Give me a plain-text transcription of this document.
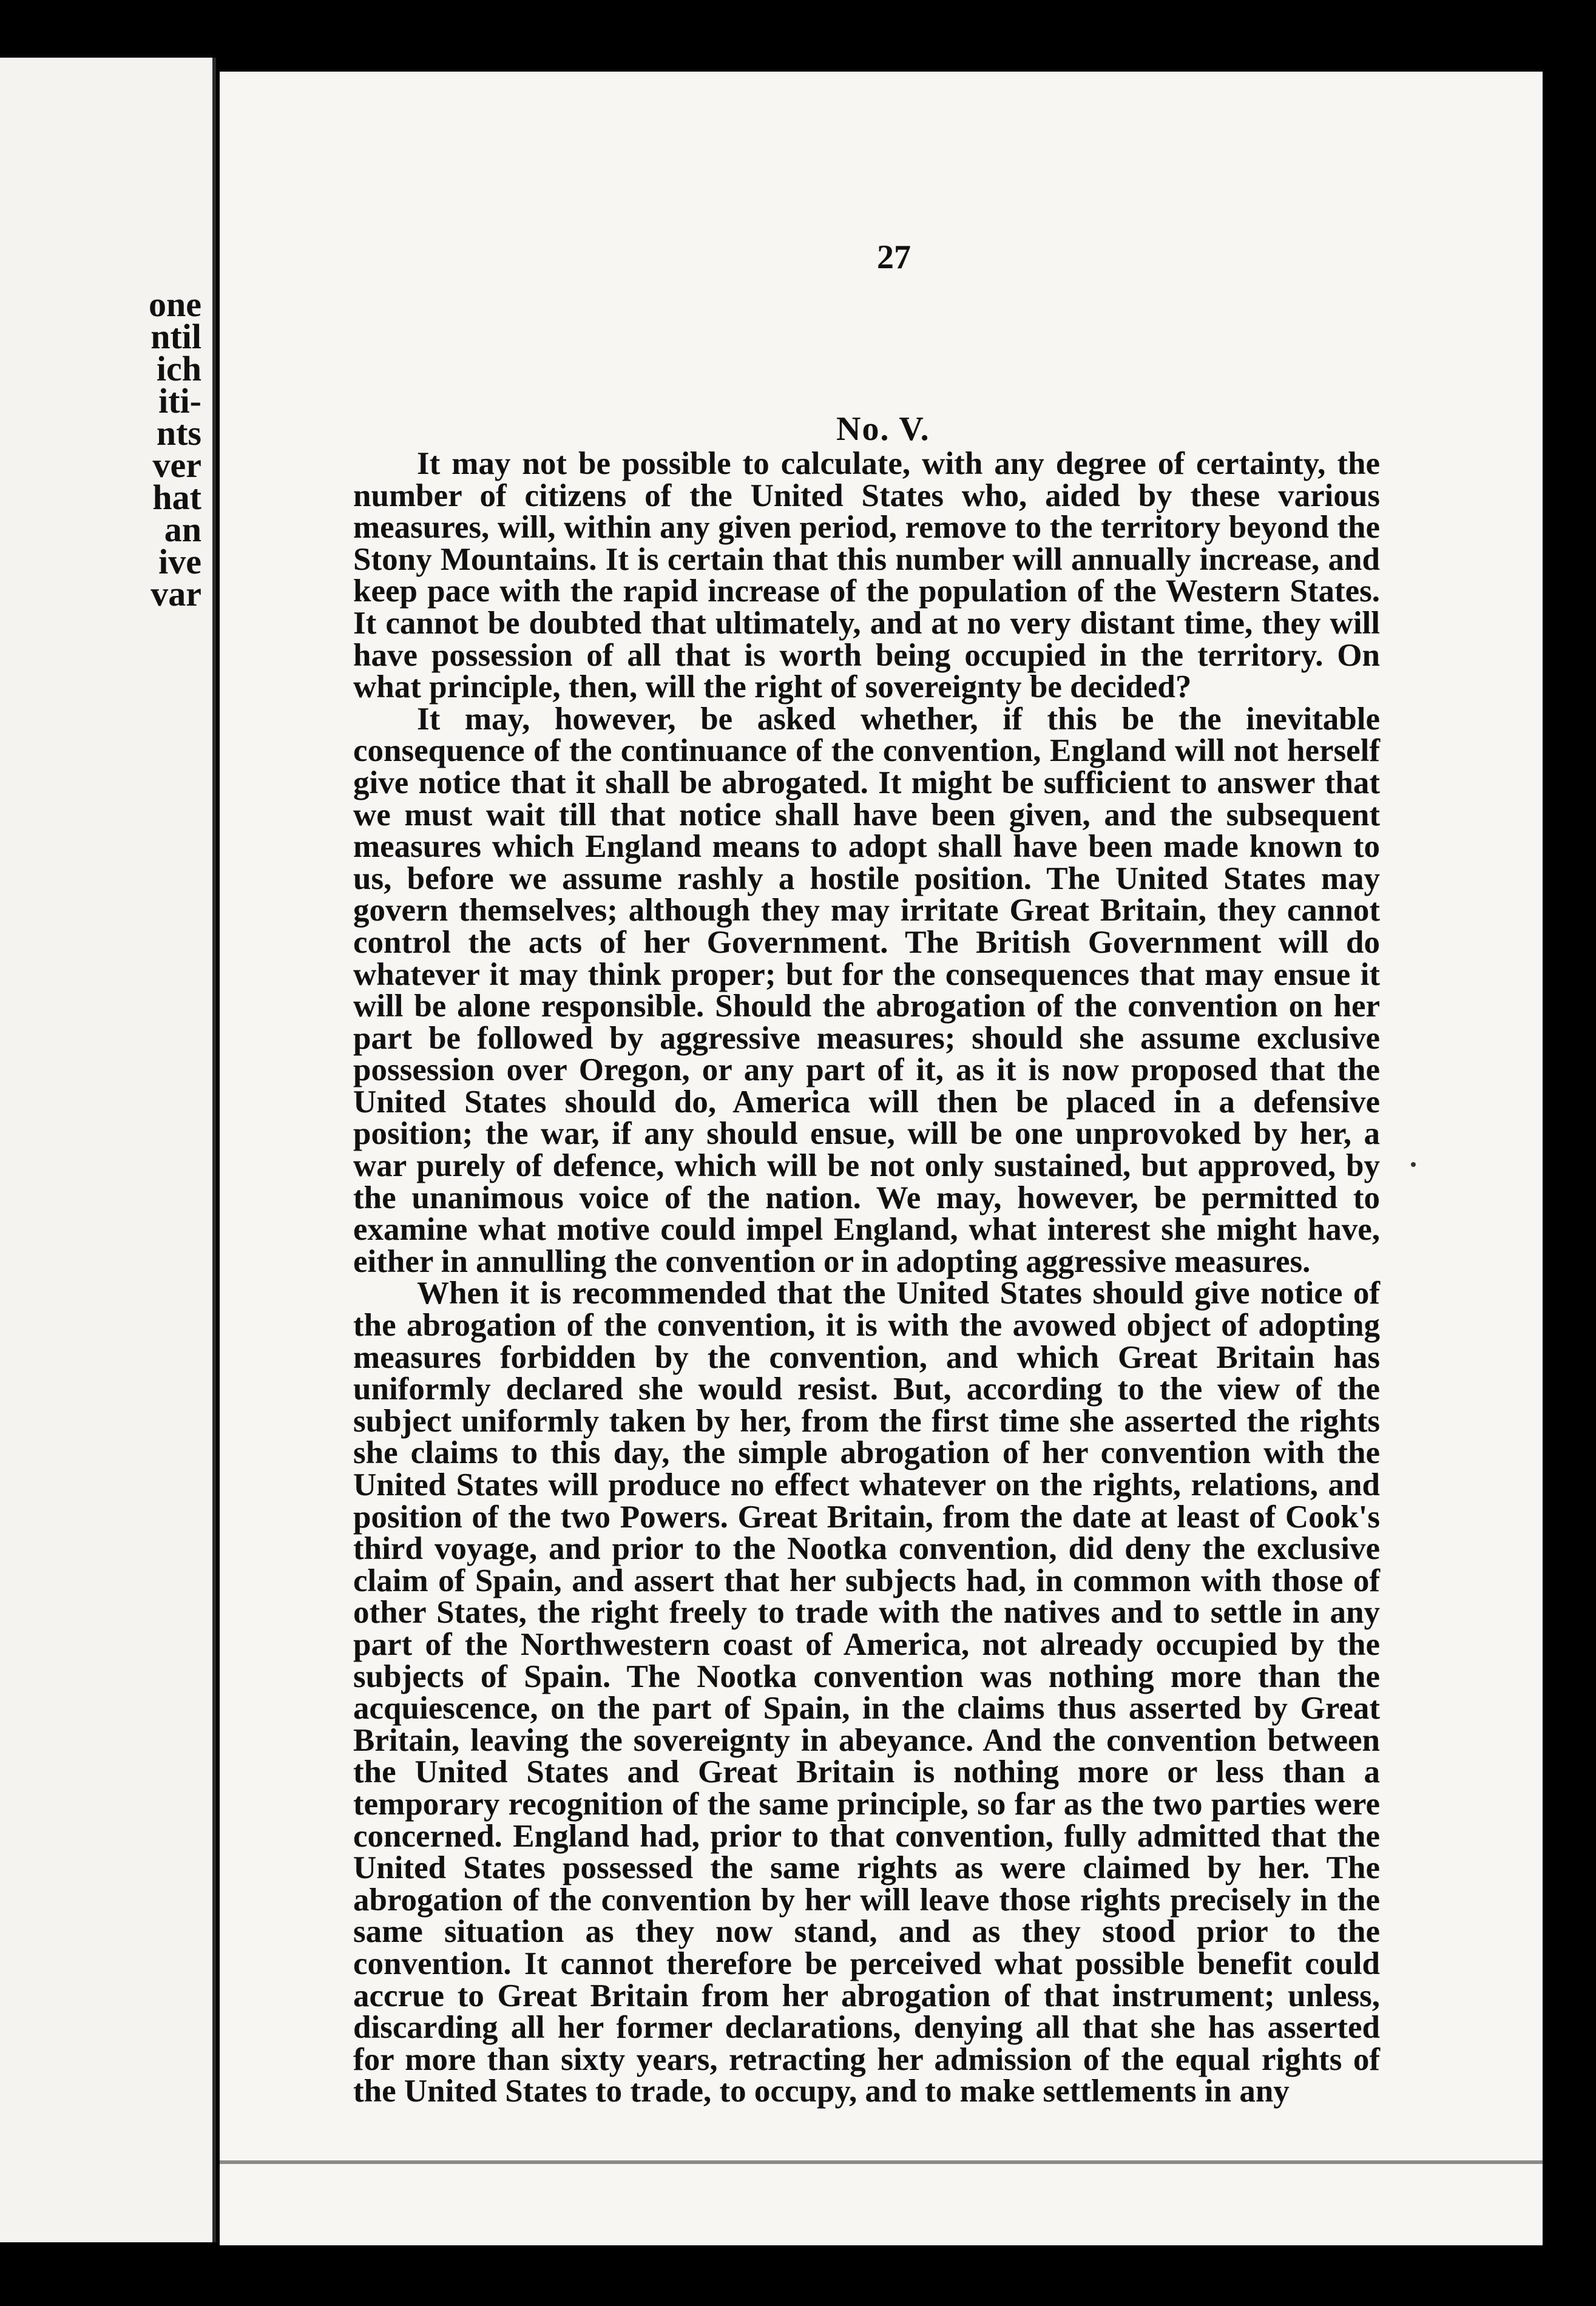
one
ntil
ich
iti-
nts
ver
hat
an
ive
var
27
No. V.

It may not be possible to calculate, with any degree of certainty, the number of citizens of the United States who, aided by these various measures, will, within any given period, remove to the territory beyond the Stony Mountains. It is certain that this number will annually increase, and keep pace with the rapid increase of the population of the Western States. It cannot be doubted that ultimately, and at no very distant time, they will have possession of all that is worth being occupied in the territory. On what principle, then, will the right of sovereignty be decided?

It may, however, be asked whether, if this be the inevitable consequence of the continuance of the convention, England will not herself give notice that it shall be abrogated. It might be sufficient to answer that we must wait till that notice shall have been given, and the subsequent measures which England means to adopt shall have been made known to us, before we assume rashly a hostile position. The United States may govern themselves; although they may irritate Great Britain, they cannot control the acts of her Government. The British Government will do whatever it may think proper; but for the consequences that may ensue it will be alone responsible. Should the abrogation of the convention on her part be followed by aggressive measures; should she assume exclusive possession over Oregon, or any part of it, as it is now proposed that the United States should do, America will then be placed in a defensive position; the war, if any should ensue, will be one unprovoked by her, a war purely of defence, which will be not only sustained, but approved, by the unanimous voice of the nation. We may, however, be permitted to examine what motive could impel England, what interest she might have, either in annulling the convention or in adopting aggressive measures.

When it is recommended that the United States should give notice of the abrogation of the convention, it is with the avowed object of adopting measures forbidden by the convention, and which Great Britain has uniformly declared she would resist. But, according to the view of the subject uniformly taken by her, from the first time she asserted the rights she claims to this day, the simple abrogation of her convention with the United States will produce no effect whatever on the rights, relations, and position of the two Powers. Great Britain, from the date at least of Cook's third voyage, and prior to the Nootka convention, did deny the exclusive claim of Spain, and assert that her subjects had, in common with those of other States, the right freely to trade with the natives and to settle in any part of the Northwestern coast of America, not already occupied by the subjects of Spain. The Nootka convention was nothing more than the acquiescence, on the part of Spain, in the claims thus asserted by Great Britain, leaving the sovereignty in abeyance. And the convention between the United States and Great Britain is nothing more or less than a temporary recognition of the same principle, so far as the two parties were concerned. England had, prior to that convention, fully admitted that the United States possessed the same rights as were claimed by her. The abrogation of the convention by her will leave those rights precisely in the same situation as they now stand, and as they stood prior to the convention. It cannot therefore be perceived what possible benefit could accrue to Great Britain from her abrogation of that instrument; unless, discarding all her former declarations, denying all that she has asserted for more than sixty years, retracting her admission of the equal rights of the United States to trade, to occupy, and to make settlements in any
